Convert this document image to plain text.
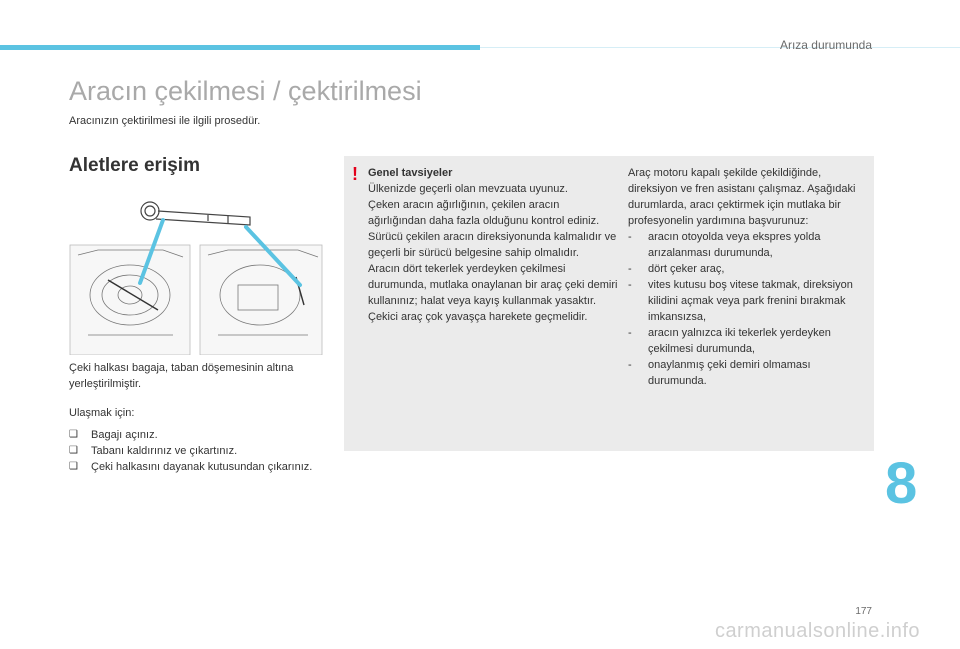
Arıza durumunda
Aracın çekilmesi / çektirilmesi
Aracınızın çektirilmesi ile ilgili prosedür.
Aletlere erişim

Çeki halkası bagaja, taban döşemesinin altına yerleştirilmiştir.

Ulaşmak için:

❑ Bagajı açınız.
❑ Tabanı kaldırınız ve çıkartınız.
❑ Çeki halkasını dayanak kutusundan çıkarınız.
! Genel tavsiyeler
Ülkenizde geçerli olan mevzuata uyunuz.
Çeken aracın ağırlığının, çekilen aracın ağırlığından daha fazla olduğunu kontrol ediniz.
Sürücü çekilen aracın direksiyonunda kalmalıdır ve geçerli bir sürücü belgesine sahip olmalıdır.
Aracın dört tekerlek yerdeyken çekilmesi durumunda, mutlaka onaylanan bir araç çeki demiri kullanınız; halat veya kayış kullanmak yasaktır.
Çekici araç çok yavaşça harekete geçmelidir.
Araç motoru kapalı şekilde çekildiğinde, direksiyon ve fren asistanı çalışmaz. Aşağıdaki durumlarda, aracı çektirmek için mutlaka bir profesyonelin yardımına başvurunuz:
- aracın otoyolda veya ekspres yolda arızalanması durumunda,
- dört çeker araç,
- vites kutusu boş vitese takmak, direksiyon kilidini açmak veya park frenini bırakmak imkansızsa,
- aracın yalnızca iki tekerlek yerdeyken çekilmesi durumunda,
- onaylanmış çeki demiri olmaması durumunda.
8
177
carmanualsonline.info
